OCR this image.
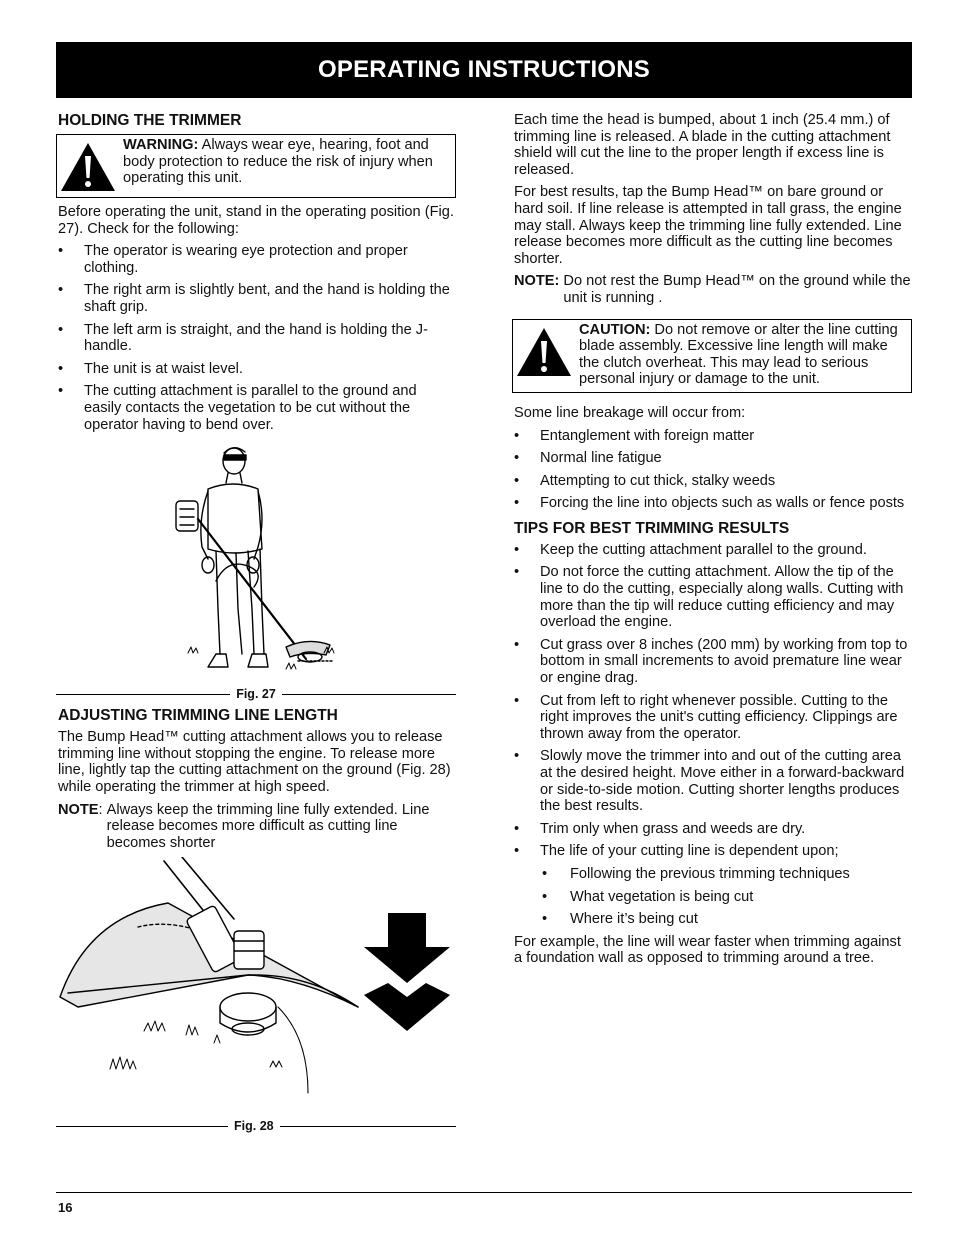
OPERATING INSTRUCTIONS
HOLDING THE TRIMMER
WARNING: Always wear eye, hearing, foot and body protection to reduce the risk of injury when operating this unit.

Before operating the unit, stand in the operating position (Fig. 27). Check for the following:

• The operator is wearing eye protection and proper clothing.
• The right arm is slightly bent, and the hand is holding the shaft grip.
• The left arm is straight, and the hand is holding the J-handle.
• The unit is at waist level.
• The cutting attachment is parallel to the ground and easily contacts the vegetation to be cut without the operator having to bend over.
Fig. 27
ADJUSTING TRIMMING LINE LENGTH

The Bump Head™ cutting attachment allows you to release trimming line without stopping the engine. To release more line, lightly tap the cutting attachment on the ground (Fig. 28) while operating the trimmer at high speed.

NOTE : Always keep the trimming line fully extended. Line release becomes more difficult as cutting line becomes shorter
Fig. 28

Each time the head is bumped, about 1 inch (25.4 mm.) of trimming line is released. A blade in the cutting attachment shield will cut the line to the proper length if excess line is released.

For best results, tap the Bump Head™ on bare ground or hard soil. If line release is attempted in tall grass, the engine may stall. Always keep the trimming line fully extended. Line release becomes more difficult as the cutting line becomes shorter.

NOTE: Do not rest the Bump Head™ on the ground while the unit is running .
CAUTION: Do not remove or alter the line cutting blade assembly. Excessive line length will make the clutch overheat. This may lead to serious personal injury or damage to the unit.

Some line breakage will occur from:

• Entanglement with foreign matter
• Normal line fatigue
• Attempting to cut thick, stalky weeds
• Forcing the line into objects such as walls or fence posts
TIPS FOR BEST TRIMMING RESULTS
• Keep the cutting attachment parallel to the ground.
• Do not force the cutting attachment. Allow the tip of the line to do the cutting, especially along walls. Cutting with more than the tip will reduce cutting efficiency and may overload the engine.
• Cut grass over 8 inches (200 mm) by working from top to bottom in small increments to avoid premature line wear or engine drag.
• Cut from left to right whenever possible. Cutting to the right improves the unit's cutting efficiency. Clippings are thrown away from the operator.
• Slowly move the trimmer into and out of the cutting area at the desired height. Move either in a forward-backward or side-to-side motion. Cutting shorter lengths produces the best results.
• Trim only when grass and weeds are dry.
• The life of your cutting line is dependent upon;
• Following the previous trimming techniques
• What vegetation is being cut
• Where it’s being cut

For example, the line will wear faster when trimming against a foundation wall as opposed to trimming around a tree.

16
